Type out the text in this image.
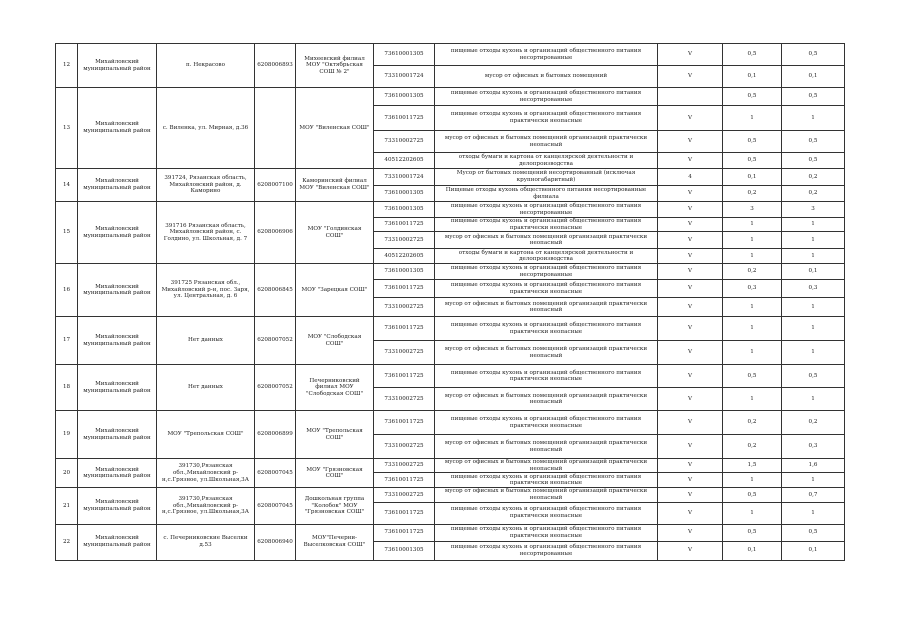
12	Михайловский муниципальный район	п. Некрасово	6208006893	Михеевский филиал МОУ "Октябрьская СОШ № 2"	73610001305	пищевые отходы кухонь и организаций общественного питания несортированные	V	0,5	0,5
					73310001724	мусор от офисных и бытовых помещений	V	0,1	0,1
13	Михайловский муниципальный район	с. Виленка, ул. Мирная, д.36		МОУ "Виленская СОШ"	73610001305	пищевые отходы кухонь и организаций общественного питания несортированные		0,5	0,5
					73610011725	пищевые отходы кухонь и организаций общественного питания практически неопасные	V	1	1
					73310002725	мусор от офисных и бытовых помещений организаций практически неопасный	V	0,5	0,5
					40512202605	отходы бумаги и картона от канцелярской деятельности и делопроизводства	V	0,5	0,5
14	Михайловский муниципальный район	391724, Рязанская область, Михайловский район, д. Каморино	6208007100	Каморинский филиал МОУ "Виленская СОШ"	73310001724	Мусор от бытовых помещений несортированный (исключая крупногабаритный)	4	0,1	0,2
					73610001305	Пищевые отходы кухонь общественного питания несортированные филиала	V	0,2	0,2
15	Михайловский муниципальный район	391716 Рязанская область, Михайловский район, с. Голдино, ул. Школьная, д. 7	6208006906	МОУ "Голдинская СОШ"	73610001305	пищевые отходы кухонь и организаций общественного питания несортированные	V	3	3
					73610011725	пищевые отходы кухонь и организаций общественного питания практически неопасные	V	1	1
					73310002725	мусор от офисных и бытовых помещений организаций практически неопасный	V	1	1
					40512202605	отходы бумаги и картона от канцелярской деятельности и делопроизводства	V	1	1
16	Михайловский муниципальный район	391725 Рязанская обл., Михайловский р-н, пос. Заря, ул. Центральная, д. 6	6208006845	МОУ "Зарецкая СОШ"	73610001305	пищевые отходы кухонь и организаций общественного питания несортированные	V	0,2	0,1
					73610011725	пищевые отходы кухонь и организаций общественного питания практически неопасные	V	0,3	0,3
					73310002725	мусор от офисных и бытовых помещений организаций практически неопасный	V	1	1
17	Михайловский муниципальный район	Нет данных	6208007052	МОУ "Слободская СОШ"	73610011725	пищевые отходы кухонь и организаций общественного питания практически неопасные	V	1	1
					73310002725	мусор от офисных и бытовых помещений организаций практически неопасный	V	1	1
18	Михайловский муниципальный район	Нет данных	6208007052	Печерниковский филиал МОУ "Слободская СОШ"	73610011725	пищевые отходы кухонь и организаций общественного питания практически неопасные	V	0,5	0,5
					73310002725	мусор от офисных и бытовых помещений организаций практически неопасный	V	1	1
19	Михайловский муниципальный район	МОУ "Трепольская СОШ"	6208006899	МОУ "Трепольская СОШ"	73610011725	пищевые отходы кухонь и организаций общественного питания практически неопасные	V	0,2	0,2
					73310002725	мусор от офисных и бытовых помещений организаций практически неопасный	V	0,2	0,3
20	Михайловский муниципальный район	391730,Рязанская обл.,Михайловский р-н,с.Грязное, ул.Школьная,3А	6208007045	МОУ "Грязновская СОШ"	73310002725	мусор от офисных и бытовых помещений организаций практически неопасный	V	1,5	1,6
					73610011725	пищевые отходы кухонь и организаций общественного питания практически неопасные	V	1	1
21	Михайловский муниципальный район	391730,Рязанская обл.,Михайловский р-н,с.Грязное, ул.Школьная,3А	6208007045	Дошкольная группа "Колобок" МОУ "Грязновская СОШ"	73310002725	мусор от офисных и бытовых помещений организаций практически неопасный	V	0,5	0,7
					73610011725	пищевые отходы кухонь и организаций общественного питания практически неопасные	V	1	1
22	Михайловский муниципальный район	с. Печерниковские Выселки д.53	6208006940	МОУ"Печерни-Выселковская СОШ"	73610011725	пищевые отходы кухонь и организаций общественного питания практически неопасные	V	0,5	0,5
					73610001305	пищевые отходы кухонь и организаций общественного питания несортированные	V	0,1	0,1
